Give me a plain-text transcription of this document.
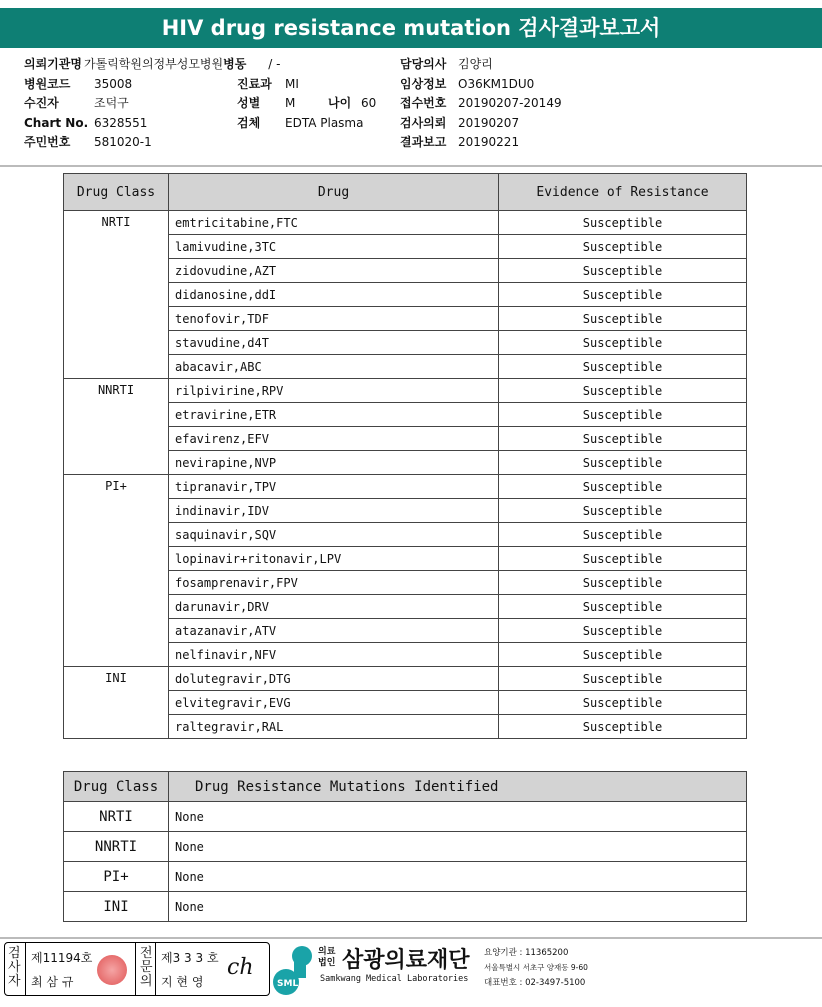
HIV drug resistance mutation 검사결과보고서
의뢰기관명 가톨릭학원의정부성모병원병동 / -
병원코드 35008
수진자	조덕구
Chart No. 6328551
주민번호 581020-1
진료과 MI
성별 M	나이 60
검체 EDTA Plasma
담당의사 김양리
임상정보 O36KM1DU0
접수번호 20190207-20149
검사의뢰 20190207
결과보고 20190221
Drug Class	Drug	Evidence of Resistance
NRTI	emtricitabine,FTC	Susceptible
	lamivudine,3TC	Susceptible
	zidovudine,AZT	Susceptible
	didanosine,ddI	Susceptible
	tenofovir,TDF	Susceptible
	stavudine,d4T	Susceptible
	abacavir,ABC	Susceptible
NNRTI	rilpivirine,RPV	Susceptible
	etravirine,ETR	Susceptible
	efavirenz,EFV	Susceptible
	nevirapine,NVP	Susceptible
PI+	tipranavir,TPV	Susceptible
	indinavir,IDV	Susceptible
	saquinavir,SQV	Susceptible
	lopinavir+ritonavir,LPV	Susceptible
	fosamprenavir,FPV	Susceptible
	darunavir,DRV	Susceptible
	atazanavir,ATV	Susceptible
	nelfinavir,NFV	Susceptible
INI	dolutegravir,DTG	Susceptible
	elvitegravir,EVG	Susceptible
	raltegravir,RAL	Susceptible
Drug Class	Drug Resistance Mutations Identified
NRTI	None
NNRTI	None
PI+	None
INI	None
검사자
제11194호
최 삼 규
전문의
제3 3 3 호
지 현 영
ch
SML
의료법인 삼광의료재단
Samkwang Medical Laboratories
요양기관 : 11365200
서울특별시 서초구 양재동 9-60
대표번호 : 02-3497-5100
